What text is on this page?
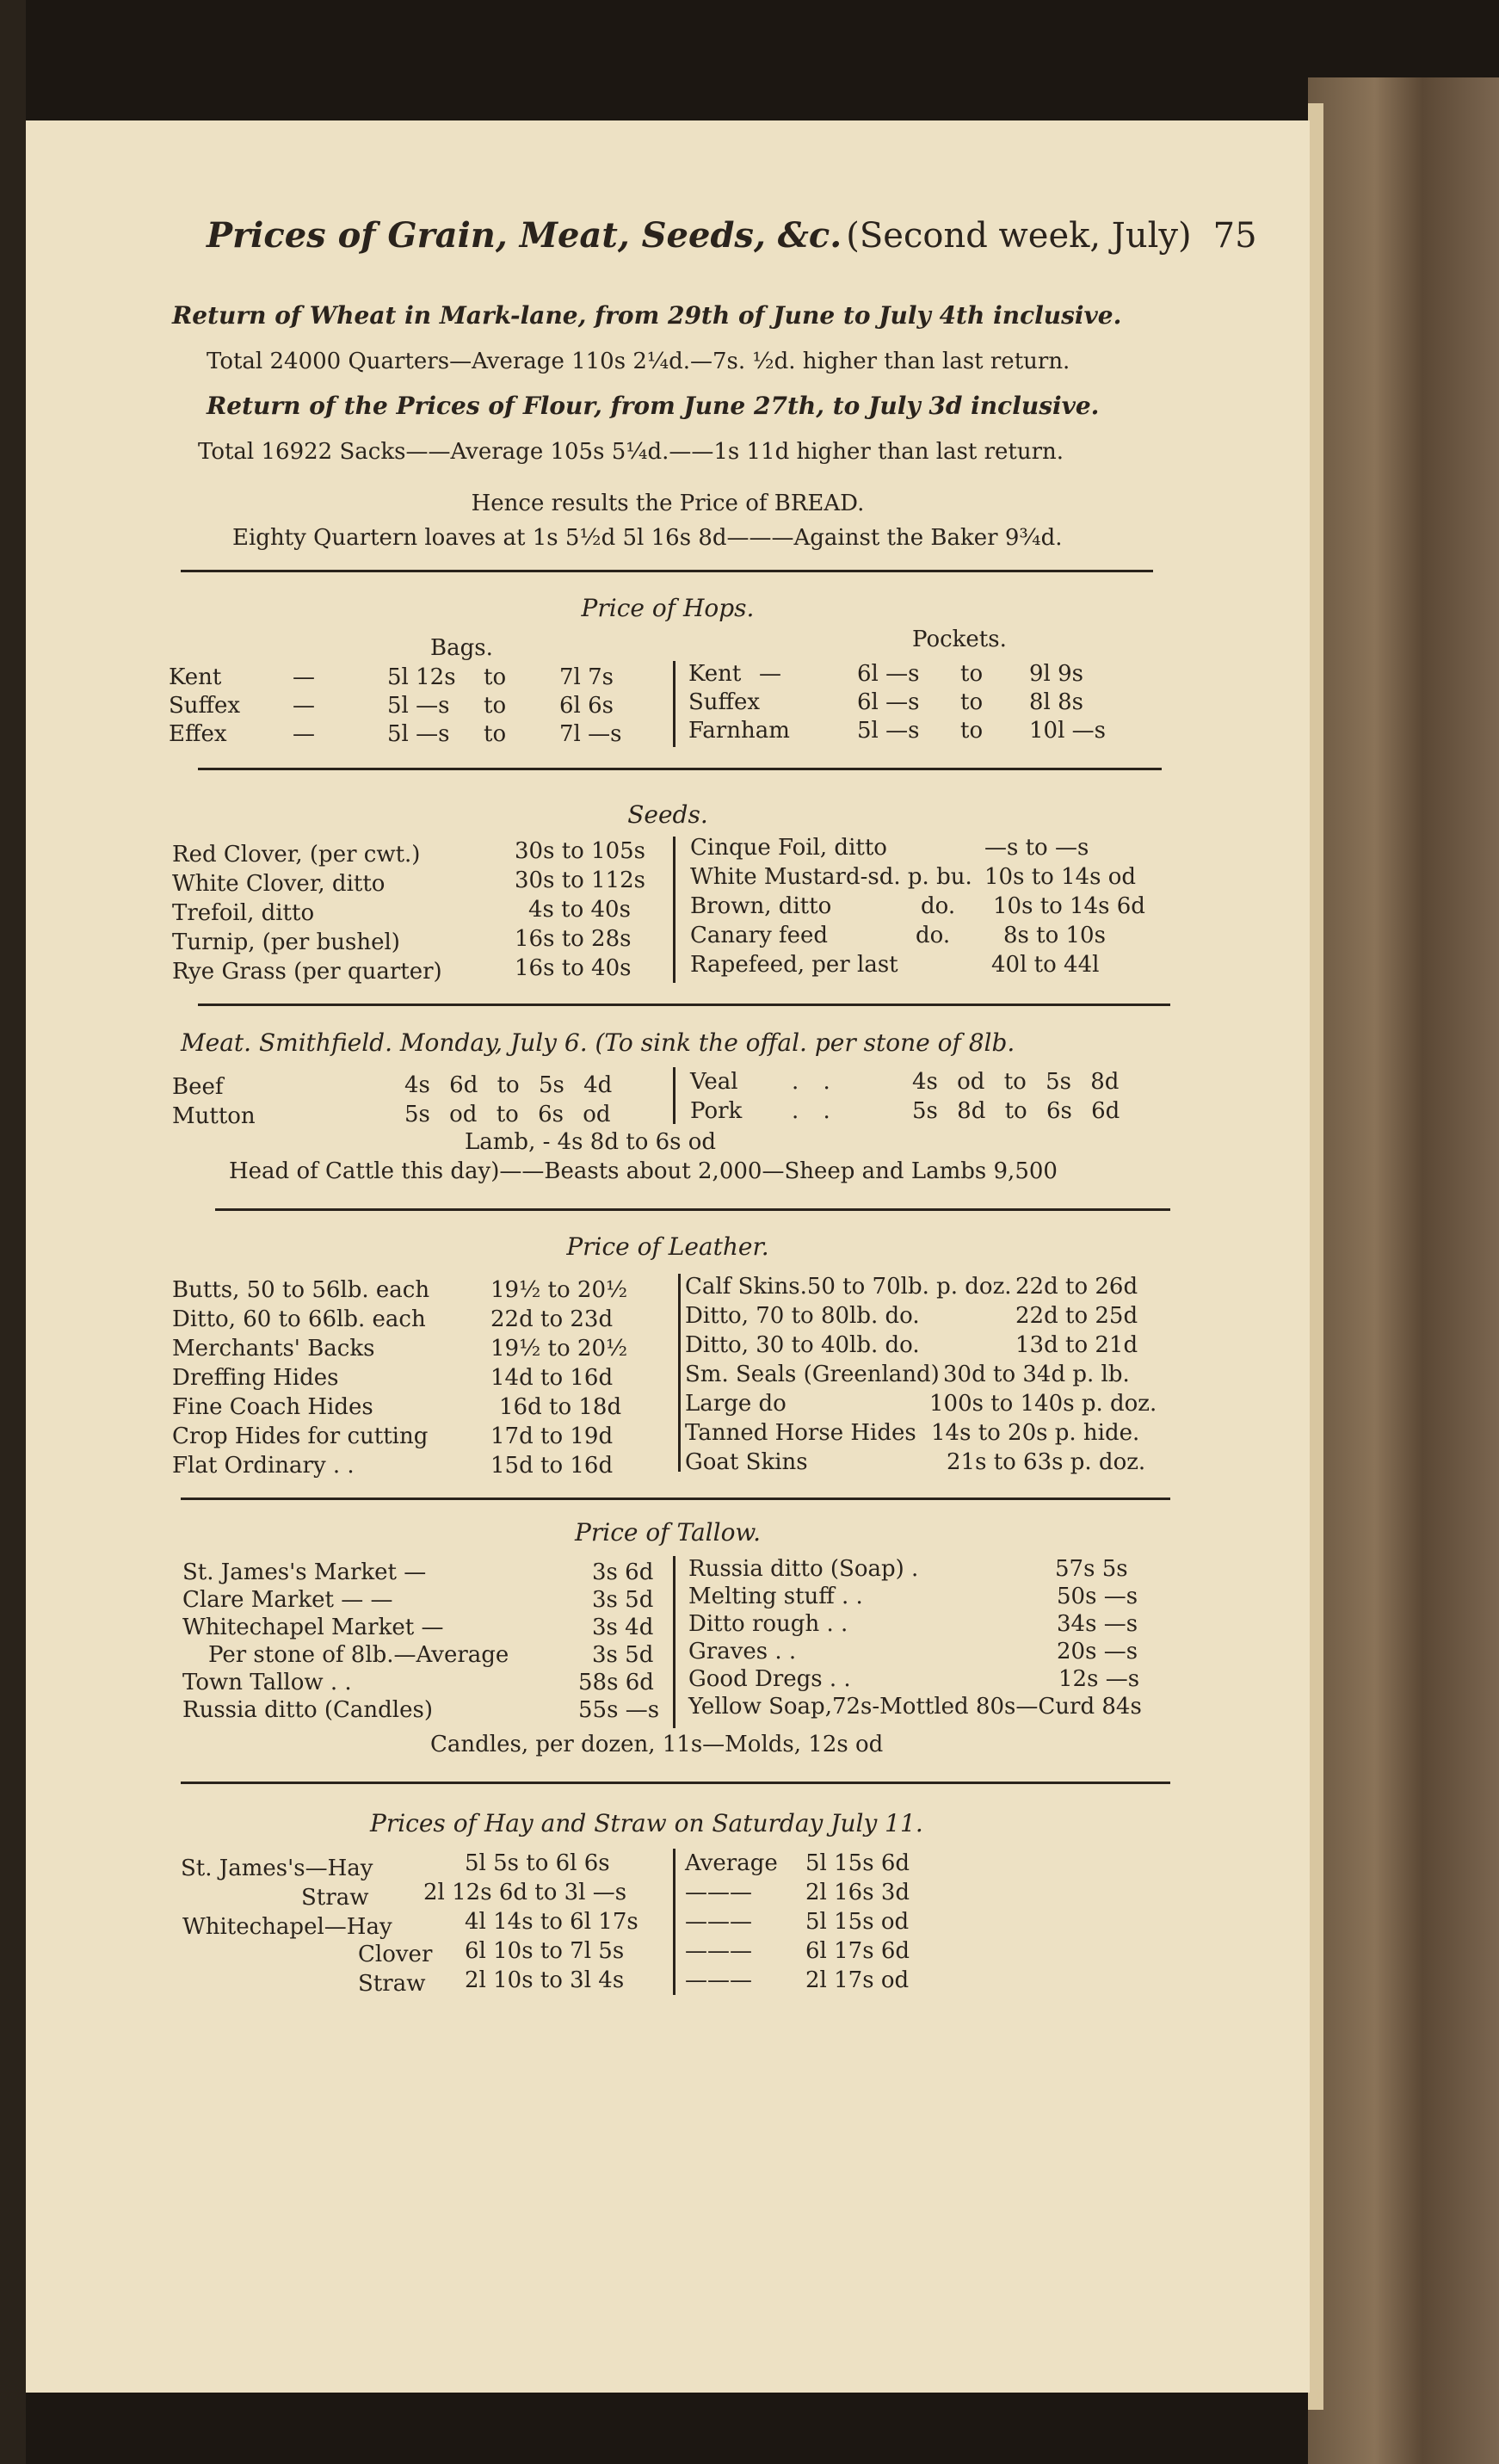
Prices of Grain, Meat, Seeds, &c. (Second week, July) 75
Return of Wheat in Mark-lane, from 29th of June to July 4th inclusive.
Total 24000 Quarters—Average 110s 2¼d.—7s. ½d. higher than last return.
Return of the Prices of Flour, from June 27th, to July 3d inclusive.
Total 16922 Sacks——Average 105s 5¼d.——1s 11d higher than last return.
Hence results the Price of BREAD.
Eighty Quartern loaves at 1s 5½d 5l 16s 8d———Against the Baker 9¾d.
Price of Hops.
Bags.	Pockets.
Kent	—	5l 12s to 7l 7s
Suffex —	5l —s to 6l 6s
Effex	—	5l —s to 7l —s
Kent —	6l —s to 9l 9s
Suffex	6l —s to 8l 8s
Farnham	5l —s to 10l —s
Seeds.
Red Clover, (per cwt.)	30s to 105s
White Clover, ditto	30s to 112s
Trefoil, ditto	4s to 40s
Turnip, (per bushel)	16s to 28s
Rye Grass (per quarter)	16s to 40s
Cinque Foil, ditto	—s to —s
White Mustard-sd. p. bu. 10s to 14s od
Brown, ditto	do. 10s to 14s 6d
Canary feed	do. 8s to 10s
Rapefeed, per last	40l to 44l
Meat. Smithfield. Monday, July 6. (To sink the offal. per stone of 8lb.
Beef	4s 6d to 5s 4d
Mutton	5s od to 6s od
Veal . .	4s od to 5s 8d
Pork . .	5s 8d to 6s 6d
Lamb, - 4s 8d to 6s od
Head of Cattle this day)——Beasts about 2,000—Sheep and Lambs 9,500
Price of Leather.
Butts, 50 to 56lb. each	19½ to 20½
Ditto, 60 to 66lb. each	22d to 23d
Merchants' Backs	19½ to 20½
Dreffing Hides	14d to 16d
Fine Coach Hides	16d to 18d
Crop Hides for cutting	17d to 19d
Flat Ordinary . .	15d to 16d
Calf Skins.50 to 70lb. p. doz. 22d to 26d
Ditto, 70 to 80lb. do.	22d to 25d
Ditto, 30 to 40lb. do.	13d to 21d
Sm. Seals (Greenland) 30d to 34d p. lb.
Large do	100s to 140s p. doz.
Tanned Horse Hides 14s to 20s p. hide.
Goat Skins	21s to 63s p. doz.
Price of Tallow.
St. James's Market —	3s 6d
Clare Market — —	3s 5d
Whitechapel Market —	3s 4d
Per stone of 8lb.—Average	3s 5d
Town Tallow . .	58s 6d
Russia ditto (Candles)	55s —s
Russia ditto (Soap) .	57s 5s
Melting stuff . .	50s —s
Ditto rough . .	34s —s
Graves . .	20s —s
Good Dregs . .	12s —s
Yellow Soap,72s-Mottled 80s—Curd 84s
Candles, per dozen, 11s—Molds, 12s od
Prices of Hay and Straw on Saturday July 11.
St. James's—Hay	5l 5s to 6l 6s	Average 5l 15s 6d
Straw 2l 12s 6d to 3l —s	——— 2l 16s 3d
Whitechapel—Hay	4l 14s to 6l 17s ——— 5l 15s od
Clover 6l 10s to 7l 5s	——— 6l 17s 6d
Straw 2l 10s to 3l 4s	——— 2l 17s od
